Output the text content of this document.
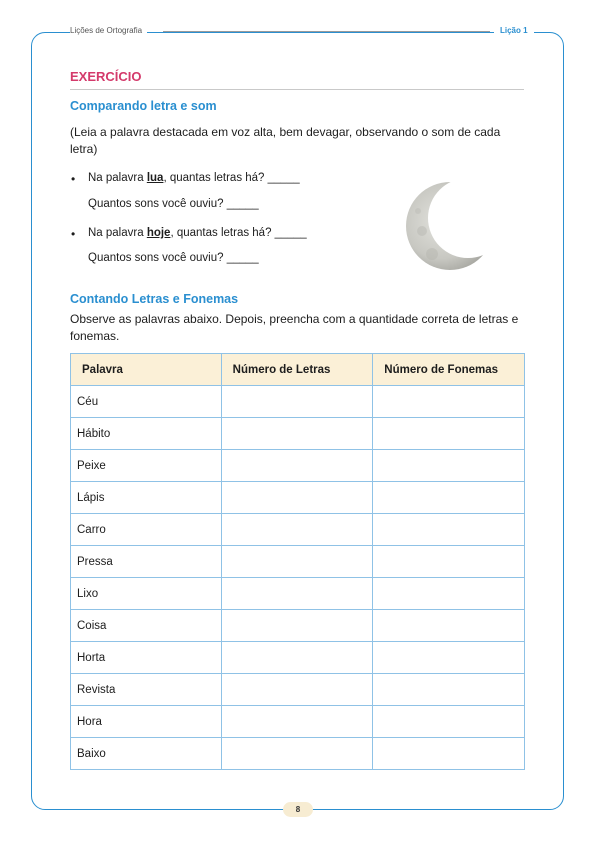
Lições de Ortografia	Lição 1
EXERCÍCIO
Comparando letra e som
(Leia a palavra destacada em voz alta, bem devagar, observando o som de cada letra)
• Na palavra lua, quantas letras há? _____
Quantos sons você ouviu? _____
• Na palavra hoje, quantas letras há? _____
Quantos sons você ouviu? _____
Contando Letras e Fonemas
Observe as palavras abaixo. Depois, preencha com a quantidade correta de letras e fonemas.
Palavra	Número de Letras	Número de Fonemas
Céu		
Hábito		
Peixe		
Lápis		
Carro		
Pressa		
Lixo		
Coisa		
Horta		
Revista		
Hora		
Baixo		
8
